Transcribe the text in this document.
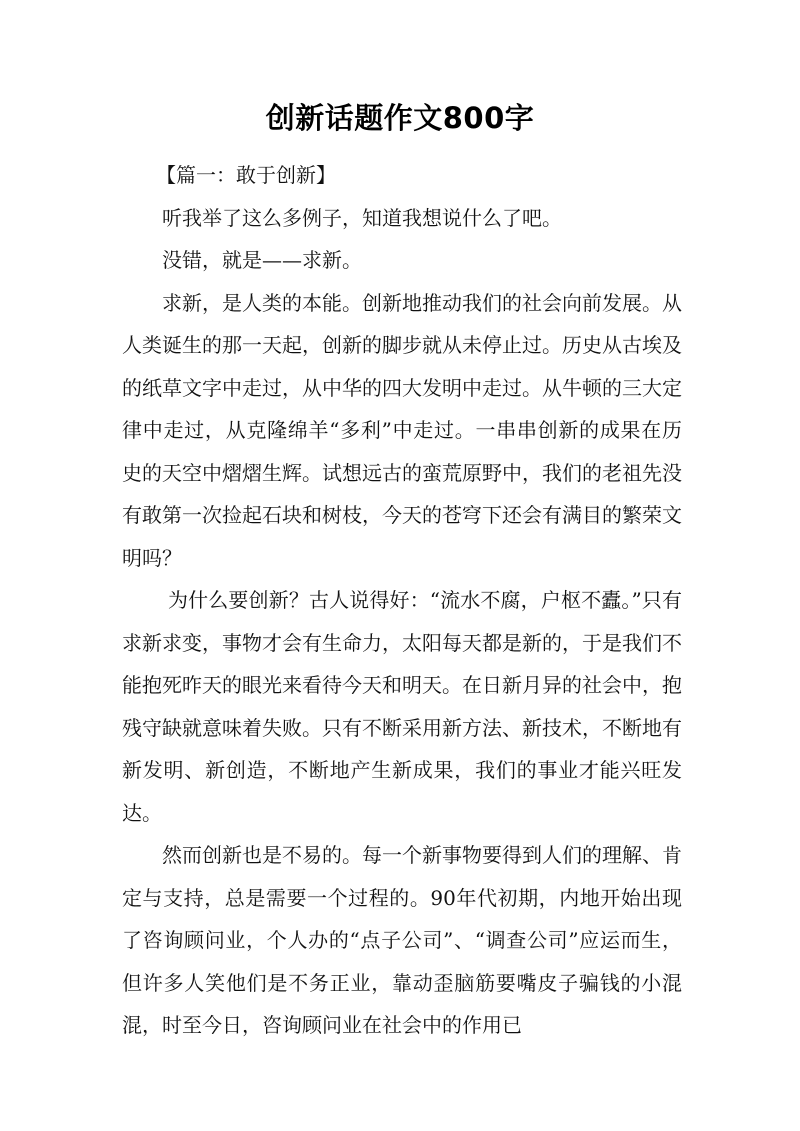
创新话题作文800字

【篇一：敢于创新】

听我举了这么多例子，知道我想说什么了吧。

没错，就是——求新。

求新，是人类的本能。创新地推动我们的社会向前发展。从人类诞生的那一天起，创新的脚步就从未停止过。历史从古埃及的纸草文字中走过，从中华的四大发明中走过。从牛顿的三大定律中走过，从克隆绵羊“多利”中走过。一串串创新的成果在历史的天空中熠熠生辉。试想远古的蛮荒原野中，我们的老祖先没有敢第一次捡起石块和树枝，今天的苍穹下还会有满目的繁荣文明吗？

为什么要创新？古人说得好：“流水不腐，户枢不蠹。”只有求新求变，事物才会有生命力，太阳每天都是新的，于是我们不能抱死昨天的眼光来看待今天和明天。在日新月异的社会中，抱残守缺就意味着失败。只有不断采用新方法、新技术，不断地有新发明、新创造，不断地产生新成果，我们的事业才能兴旺发达。

然而创新也是不易的。每一个新事物要得到人们的理解、肯定与支持，总是需要一个过程的。90年代初期，内地开始出现了咨询顾问业，个人办的“点子公司”、“调查公司”应运而生，但许多人笑他们是不务正业，靠动歪脑筋要嘴皮子骗钱的小混混，时至今日，咨询顾问业在社会中的作用已
